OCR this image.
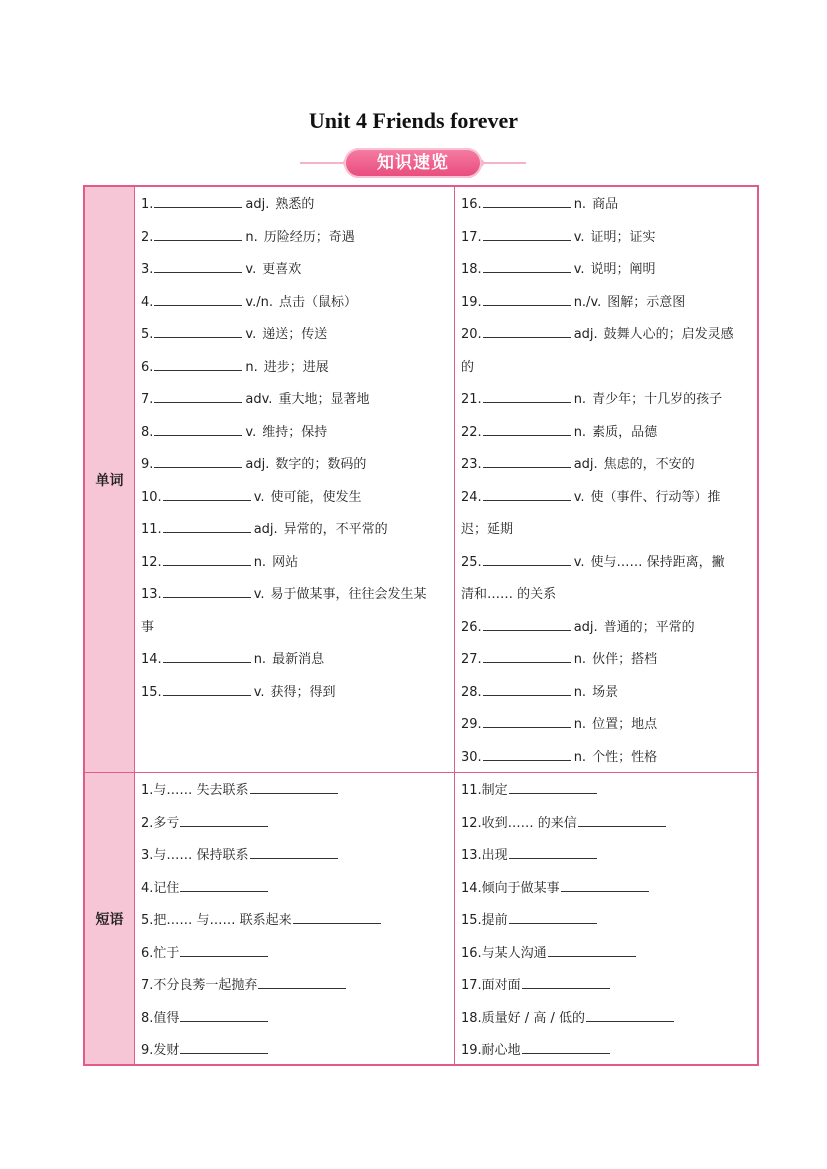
Unit 4 Friends forever
知识速览
单词
1.	adj. 熟悉的
2.	n. 历险经历；奇遇
3.	v. 更喜欢
4.	v./n. 点击（鼠标）
5.	v. 递送；传送
6.	n. 进步；进展
7.	adv. 重大地；显著地
8.	v. 维持；保持
9.	adj. 数字的；数码的
10.	v. 使可能，使发生
11.	adj. 异常的，不平常的
12.	n. 网站
13.	v. 易于做某事，往往会发生某
事
14.	n. 最新消息
15.	v. 获得；得到
16.	n. 商品
17.	v. 证明；证实
18.	v. 说明；阐明
19.	n./v. 图解；示意图
20.	adj. 鼓舞人心的；启发灵感
的
21.	n. 青少年；十几岁的孩子
22.	n. 素质，品德
23.	adj. 焦虑的，不安的
24.	v. 使（事件、行动等）推
迟；延期
25.	v. 使与…… 保持距离，撇
清和…… 的关系
26.	adj. 普通的；平常的
27.	n. 伙伴；搭档
28.	n. 场景
29.	n. 位置；地点
30.	n. 个性；性格
短语
1.与…… 失去联系
2.多亏
3.与…… 保持联系
4.记住
5.把…… 与…… 联系起来
6.忙于
7.不分良莠一起抛弃
8.值得
9.发财
11.制定
12.收到…… 的来信
13.出现
14.倾向于做某事
15.提前
16.与某人沟通
17.面对面
18.质量好 / 高 / 低的
19.耐心地
